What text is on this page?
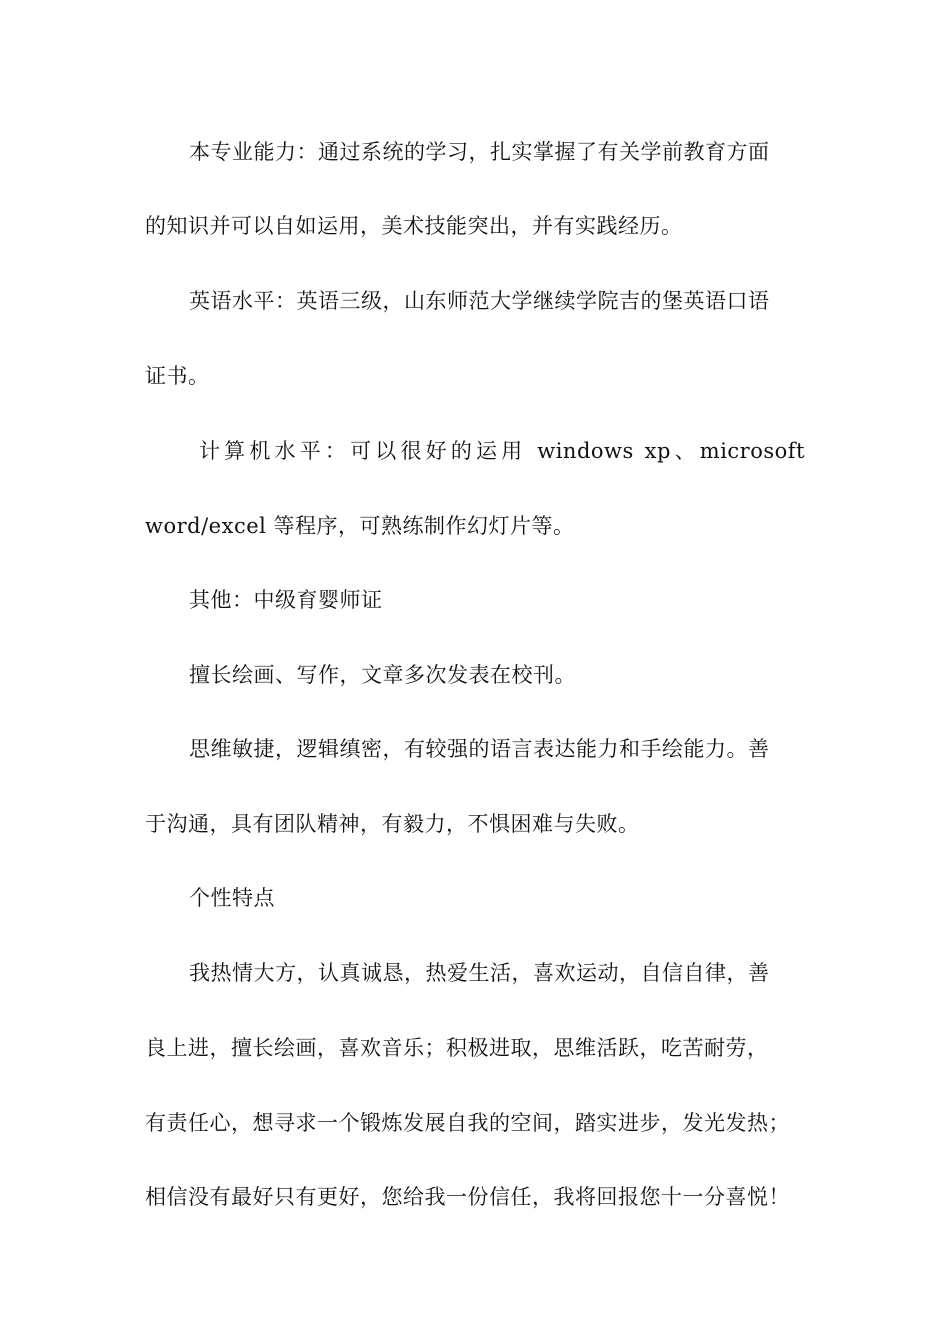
本专业能力：通过系统的学习，扎实掌握了有关学前教育方面
的知识并可以自如运用，美术技能突出，并有实践经历。
英语水平：英语三级，山东师范大学继续学院吉的堡英语口语
证书。
计算机水平：可以很好的运用 windows xp、microsoft
word/excel 等程序，可熟练制作幻灯片等。
其他：中级育婴师证
擅长绘画、写作，文章多次发表在校刊。
思维敏捷，逻辑缜密，有较强的语言表达能力和手绘能力。善
于沟通，具有团队精神，有毅力，不惧困难与失败。
个性特点
我热情大方，认真诚恳，热爱生活，喜欢运动，自信自律，善
良上进，擅长绘画，喜欢音乐；积极进取，思维活跃，吃苦耐劳，
有责任心，想寻求一个锻炼发展自我的空间，踏实进步，发光发热；
相信没有最好只有更好，您给我一份信任，我将回报您十一分喜悦！
